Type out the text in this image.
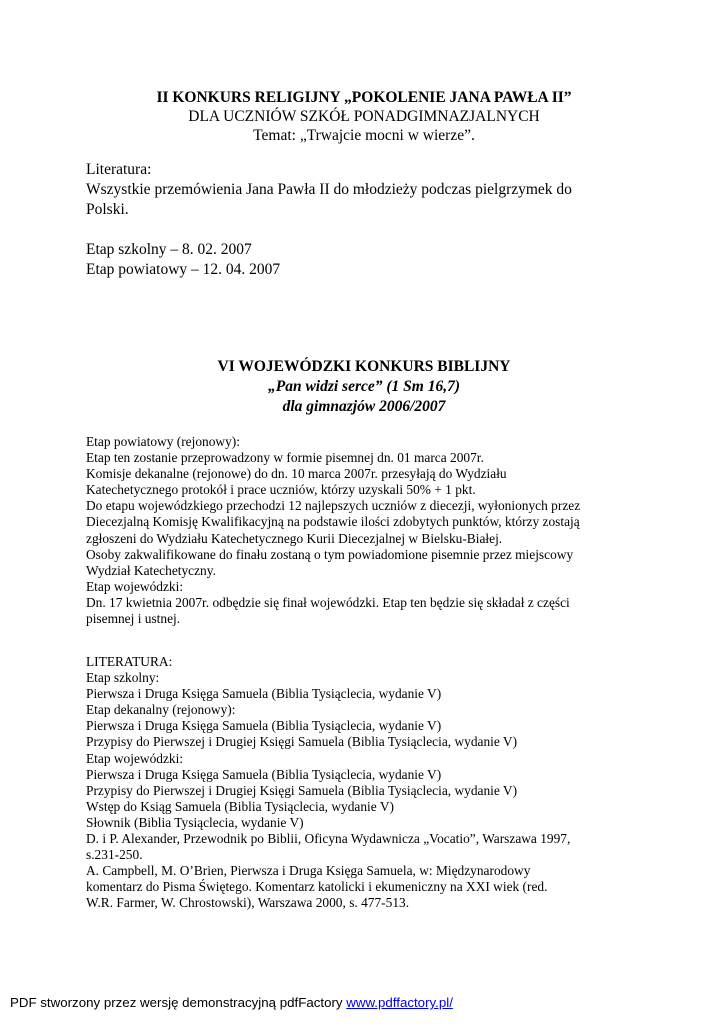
II KONKURS RELIGIJNY „POKOLENIE JANA PAWŁA II”
DLA UCZNIÓW SZKÓŁ PONADGIMNAZJALNYCH
Temat: „Trwajcie mocni w wierze”.
Literatura:
Wszystkie przemówienia Jana Pawła II do młodzieży podczas pielgrzymek do
Polski.
Etap szkolny – 8. 02. 2007
Etap powiatowy – 12. 04. 2007
VI WOJEWÓDZKI KONKURS BIBLIJNY
„Pan widzi serce” (1 Sm 16,7)
dla gimnazjów 2006/2007
Etap powiatowy (rejonowy):
Etap ten zostanie przeprowadzony w formie pisemnej dn. 01 marca 2007r.
Komisje dekanalne (rejonowe) do dn. 10 marca 2007r. przesyłają do Wydziału
Katechetycznego protokół i prace uczniów, którzy uzyskali 50% + 1 pkt.
Do etapu wojewódzkiego przechodzi 12 najlepszych uczniów z diecezji, wyłonionych przez
Diecezjalną Komisję Kwalifikacyjną na podstawie ilości zdobytych punktów, którzy zostają
zgłoszeni do Wydziału Katechetycznego Kurii Diecezjalnej w Bielsku-Białej.
Osoby zakwalifikowane do finału zostaną o tym powiadomione pisemnie przez miejscowy
Wydział Katechetyczny.
Etap wojewódzki:
Dn. 17 kwietnia 2007r. odbędzie się finał wojewódzki. Etap ten będzie się składał z części
pisemnej i ustnej.
LITERATURA:
Etap szkolny:
Pierwsza i Druga Księga Samuela (Biblia Tysiąclecia, wydanie V)
Etap dekanalny (rejonowy):
Pierwsza i Druga Księga Samuela (Biblia Tysiąclecia, wydanie V)
Przypisy do Pierwszej i Drugiej Księgi Samuela (Biblia Tysiąclecia, wydanie V)
Etap wojewódzki:
Pierwsza i Druga Księga Samuela (Biblia Tysiąclecia, wydanie V)
Przypisy do Pierwszej i Drugiej Księgi Samuela (Biblia Tysiąclecia, wydanie V)
Wstęp do Ksiąg Samuela (Biblia Tysiąclecia, wydanie V)
Słownik (Biblia Tysiąclecia, wydanie V)
D. i P. Alexander, Przewodnik po Biblii, Oficyna Wydawnicza „Vocatio”, Warszawa 1997,
s.231-250.
A. Campbell, M. O’Brien, Pierwsza i Druga Księga Samuela, w: Międzynarodowy
komentarz do Pisma Świętego. Komentarz katolicki i ekumeniczny na XXI wiek (red.
W.R. Farmer, W. Chrostowski), Warszawa 2000, s. 477-513.
PDF stworzony przez wersję demonstracyjną pdfFactory www.pdffactory.pl/
